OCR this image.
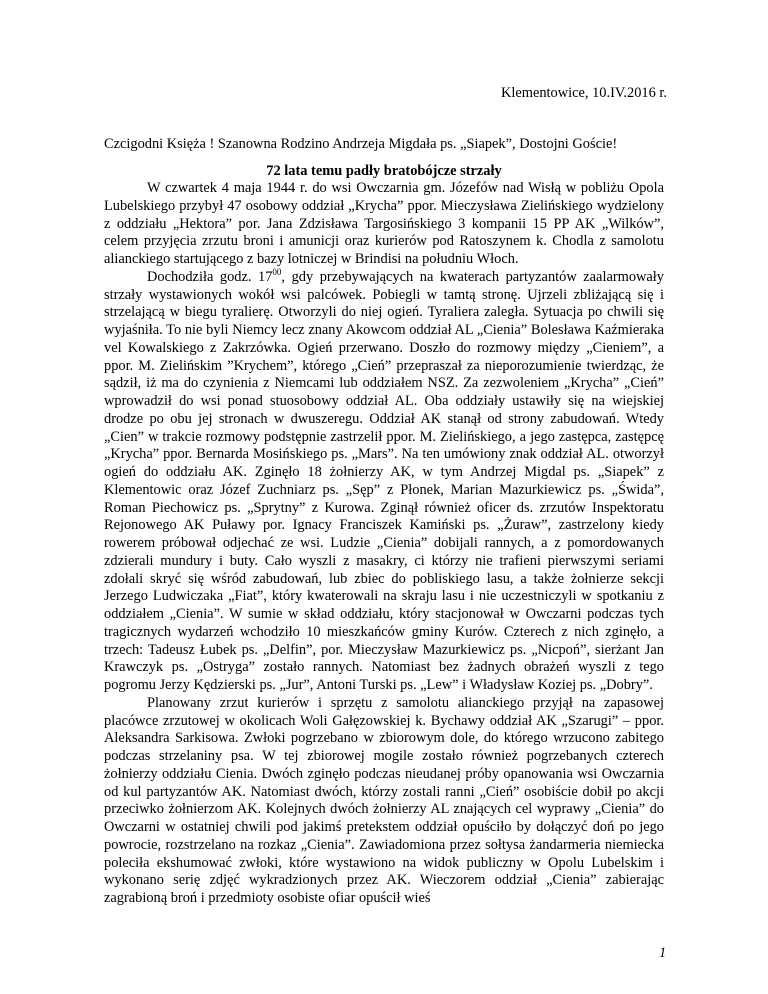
Klementowice, 10.IV.2016 r.
Czcigodni Księża ! Szanowna Rodzino Andrzeja Migdała ps. „Siapek”, Dostojni Goście!
72 lata temu padły bratobójcze strzały

W czwartek 4 maja 1944 r. do wsi Owczarnia gm. Józefów nad Wisłą w pobliżu Opola Lubelskiego przybył 47 osobowy oddział „Krycha” ppor. Mieczysława Zielińskiego wydzielony z oddziału „Hektora” por. Jana Zdzisława Targosińskiego 3 kompanii 15 PP AK „Wilków”, celem przyjęcia zrzutu broni i amunicji oraz kurierów pod Ratoszynem k. Chodla z samolotu alianckiego startującego z bazy lotniczej w Brindisi na południu Włoch.

Dochodziła godz. $17^{00}$, gdy przebywających na kwaterach partyzantów zaalarmowały strzały wystawionych wokół wsi palcówek. Pobiegli w tamtą stronę. Ujrzeli zbliżającą się i strzelającą w biegu tyralierę. Otworzyli do niej ogień. Tyraliera zaległa. Sytuacja po chwili się wyjaśniła. To nie byli Niemcy lecz znany Akowcom oddział AL „Cienia” Bolesława Kaźmieraka vel Kowalskiego z Zakrzówka. Ogień przerwano. Doszło do rozmowy między „Cieniem”, a ppor. M. Zielińskim ”Krychem”, którego „Cień” przepraszał za nieporozumienie twierdząc, że sądził, iż ma do czynienia z Niemcami lub oddziałem NSZ. Za zezwoleniem „Krycha” „Cień” wprowadził do wsi ponad stuosobowy oddział AL. Oba oddziały ustawiły się na wiejskiej drodze po obu jej stronach w dwuszeregu. Oddział AK stanął od strony zabudowań. Wtedy „Cien” w trakcie rozmowy podstępnie zastrzelił ppor. M. Zielińskiego, a jego zastępca, zastępcę „Krycha” ppor. Bernarda Mosińskiego ps. „Mars”. Na ten umówiony znak oddział AL. otworzył ogień do oddziału AK. Zginęło 18 żołnierzy AK, w tym Andrzej Migdal ps. „Siapek” z Klementowic oraz Józef Zuchniarz ps. „Sęp” z Płonek, Marian Mazurkiewicz ps. „Świda”, Roman Piechowicz ps. „Sprytny” z Kurowa. Zginął również oficer ds. zrzutów Inspektoratu Rejonowego AK Puławy por. Ignacy Franciszek Kamiński ps. „Żuraw”, zastrzelony kiedy rowerem próbował odjechać ze wsi. Ludzie „Cienia” dobijali rannych, a z pomordowanych zdzierali mundury i buty. Cało wyszli z masakry, ci którzy nie trafieni pierwszymi seriami zdołali skryć się wśród zabudowań, lub zbiec do pobliskiego lasu, a także żołnierze sekcji Jerzego Ludwiczaka „Fiat”, który kwaterowali na skraju lasu i nie uczestniczyli w spotkaniu z oddziałem „Cienia”. W sumie w skład oddziału, który stacjonował w Owczarni podczas tych tragicznych wydarzeń wchodziło 10 mieszkańców gminy Kurów. Czterech z nich zginęło, a trzech: Tadeusz Łubek ps. „Delfin”, por. Mieczysław Mazurkiewicz ps. „Nicpoń”, sierżant Jan Krawczyk ps. „Ostryga” zostało rannych. Natomiast bez żadnych obrażeń wyszli z tego pogromu Jerzy Kędzierski ps. „Jur”, Antoni Turski ps. „Lew” i Władysław Koziej ps. „Dobry”.

Planowany zrzut kurierów i sprzętu z samolotu alianckiego przyjął na zapasowej placówce zrzutowej w okolicach Woli Gałęzowskiej k. Bychawy oddział AK „Szarugi” – ppor. Aleksandra Sarkisowa. Zwłoki pogrzebano w zbiorowym dole, do którego wrzucono zabitego podczas strzelaniny psa. W tej zbiorowej mogile zostało również pogrzebanych czterech żołnierzy oddziału Cienia. Dwóch zginęło podczas nieudanej próby opanowania wsi Owczarnia od kul partyzantów AK. Natomiast dwóch, którzy zostali ranni „Cień” osobiście dobił po akcji przeciwko żołnierzom AK. Kolejnych dwóch żołnierzy AL znających cel wyprawy „Cienia” do Owczarni w ostatniej chwili pod jakimś pretekstem oddział opuściło by dołączyć doń po jego powrocie, rozstrzelano na rozkaz „Cienia”. Zawiadomiona przez sołtysa żandarmeria niemiecka poleciła ekshumować zwłoki, które wystawiono na widok publiczny w Opolu Lubelskim i wykonano serię zdjęć wykradzionych przez AK. Wieczorem oddział „Cienia” zabierając zagrabioną broń i przedmioty osobiste ofiar opuścił wieś

1
